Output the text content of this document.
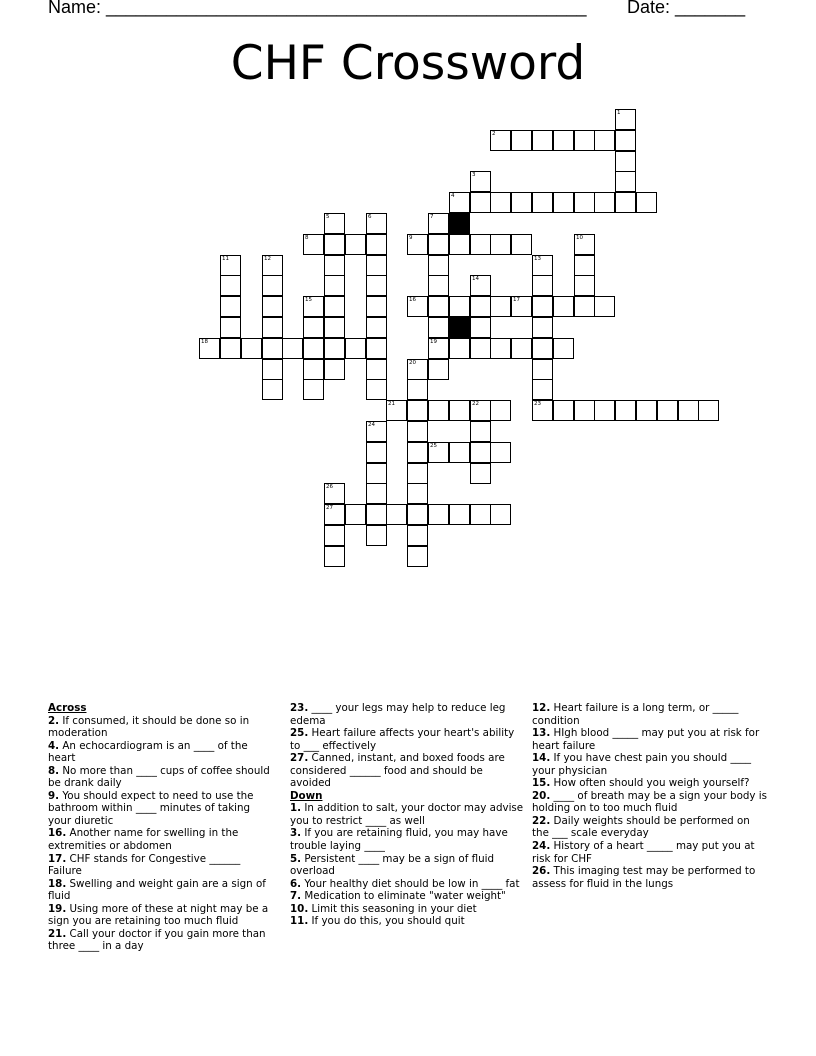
Name: ________________________________________________ Date: _______
CHF Crossword
1
2
3
4
5	6	7
19
8	9	10
11	12	13
23
14
15	16	17
18
20
21	22
24
25
26
27
Across
2. If consumed, it should be done so in moderation
4. An echocardiogram is an ____ of the heart
8. No more than ____ cups of coffee should be drank daily
9. You should expect to need to use the bathroom within ____ minutes of taking your diuretic
16. Another name for swelling in the extremities or abdomen
17. CHF stands for Congestive ______ Failure
18. Swelling and weight gain are a sign of fluid
19. Using more of these at night may be a sign you are retaining too much fluid
21. Call your doctor if you gain more than three ____ in a day
23. ____ your legs may help to reduce leg edema
25. Heart failure affects your heart's ability to ___ effectively
27. Canned, instant, and boxed foods are considered ______ food and should be avoided
Down
1. In addition to salt, your doctor may advise you to restrict ____ as well
3. If you are retaining fluid, you may have trouble laying ____
5. Persistent ____ may be a sign of fluid overload
6. Your healthy diet should be low in ____ fat
7. Medication to eliminate "water weight"
10. Limit this seasoning in your diet
11. If you do this, you should quit
12. Heart failure is a long term, or _____ condition
13. HIgh blood _____ may put you at risk for heart failure
14. If you have chest pain you should ____ your physician
15. How often should you weigh yourself?
20. ____ of breath may be a sign your body is holding on to too much fluid
22. Daily weights should be performed on the ___ scale everyday
24. History of a heart _____ may put you at risk for CHF
26. This imaging test may be performed to assess for fluid in the lungs
